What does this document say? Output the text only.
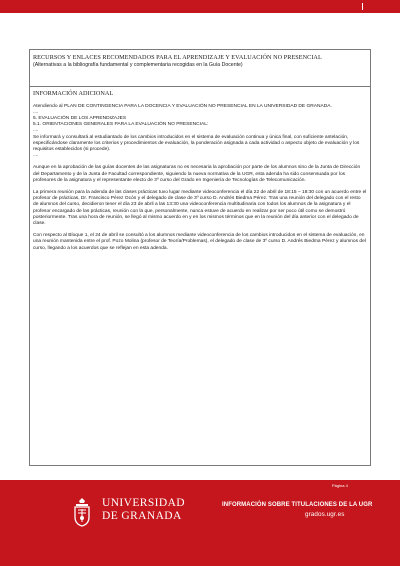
RECURSOS Y ENLACES RECOMENDADOS PARA EL APRENDIZAJE Y EVALUACIÓN NO PRESENCIAL
(Alternativas a la bibliografía fundamental y complementaria recogidas en la Guía Docente)
INFORMACIÓN ADICIONAL

Atendiendo al PLAN DE CONTINGENCIA PARA LA DOCENCIA Y EVALUACIÓN NO PRESENCIAL EN LA UNIVERSIDAD DE GRANADA.

....

5. EVALUACIÓN DE LOS APRENDIZAJES

5.1. ORIENTACIONES GENERALES PARA LA EVALUACIÓN NO PRESENCIAL:

....

Se informará y consultará al estudiantado de los cambios introducidos en el sistema de evaluación continua y única final, con suficiente antelación, especificándose claramente los criterios y procedimientos de evaluación, la ponderación asignada a cada actividad o aspecto objeto de evaluación y los requisitos establecidos (si procede).

....

Aunque en la aprobación de las guías docentes de las asignaturas no es necesaria la aprobación por parte de los alumnos sino de la Junta de Dirección del Departamento y de la Junta de Facultad correspondiente, siguiendo la nueva normativa de la UGR, esta adenda ha sido consensuada por los profesores de la asignatura y el representante electo de 3º curso del Grado en Ingeniería de Tecnologías de Telecomunicación.

La primera reunión para la adenda de las clases prácticas tuvo lugar mediante videoconferencia el día 22 de abril de 18:15 – 18:30 con un acuerdo entre el profesor de prácticas, Dr. Francisco Pérez Ocón y el delegado de clase de 3º curso D. Andrés Biedma Pérez. Tras una reunión del delegado con el resto de alumnos del curso, decidieron tener el día 23 de abril a las 13:30 una videoconferencia multitudinaria con todos los alumnos de la asignatura y el profesor encargado de las prácticas, reunión con la que, personalmente, nunca estuve de acuerdo en realizar por ser poco útil como se demostró posteriormente. Tras una hora de reunión, se llegó al mismo acuerdo en y en los mismos términos que en la reunión del día anterior con el delegado de clase.

Con respecto al Bloque 1, el 24 de abril se consultó a los alumnos mediante videoconferencia de los cambios introducidos en el sistema de evaluación, en una reunión mantenida entre el prof. Pozo Molina (profesor de Teoría/Problemas), el delegado de clase de 3º curso D. Andrés Biedma Pérez y alumnos del curso, llegando a los acuerdos que se reflejan en esta adenda.

Página 4
UNIVERSIDAD
DE GRANADA
INFORMACIÓN SOBRE TITULACIONES DE LA UGR
grados.ugr.es
